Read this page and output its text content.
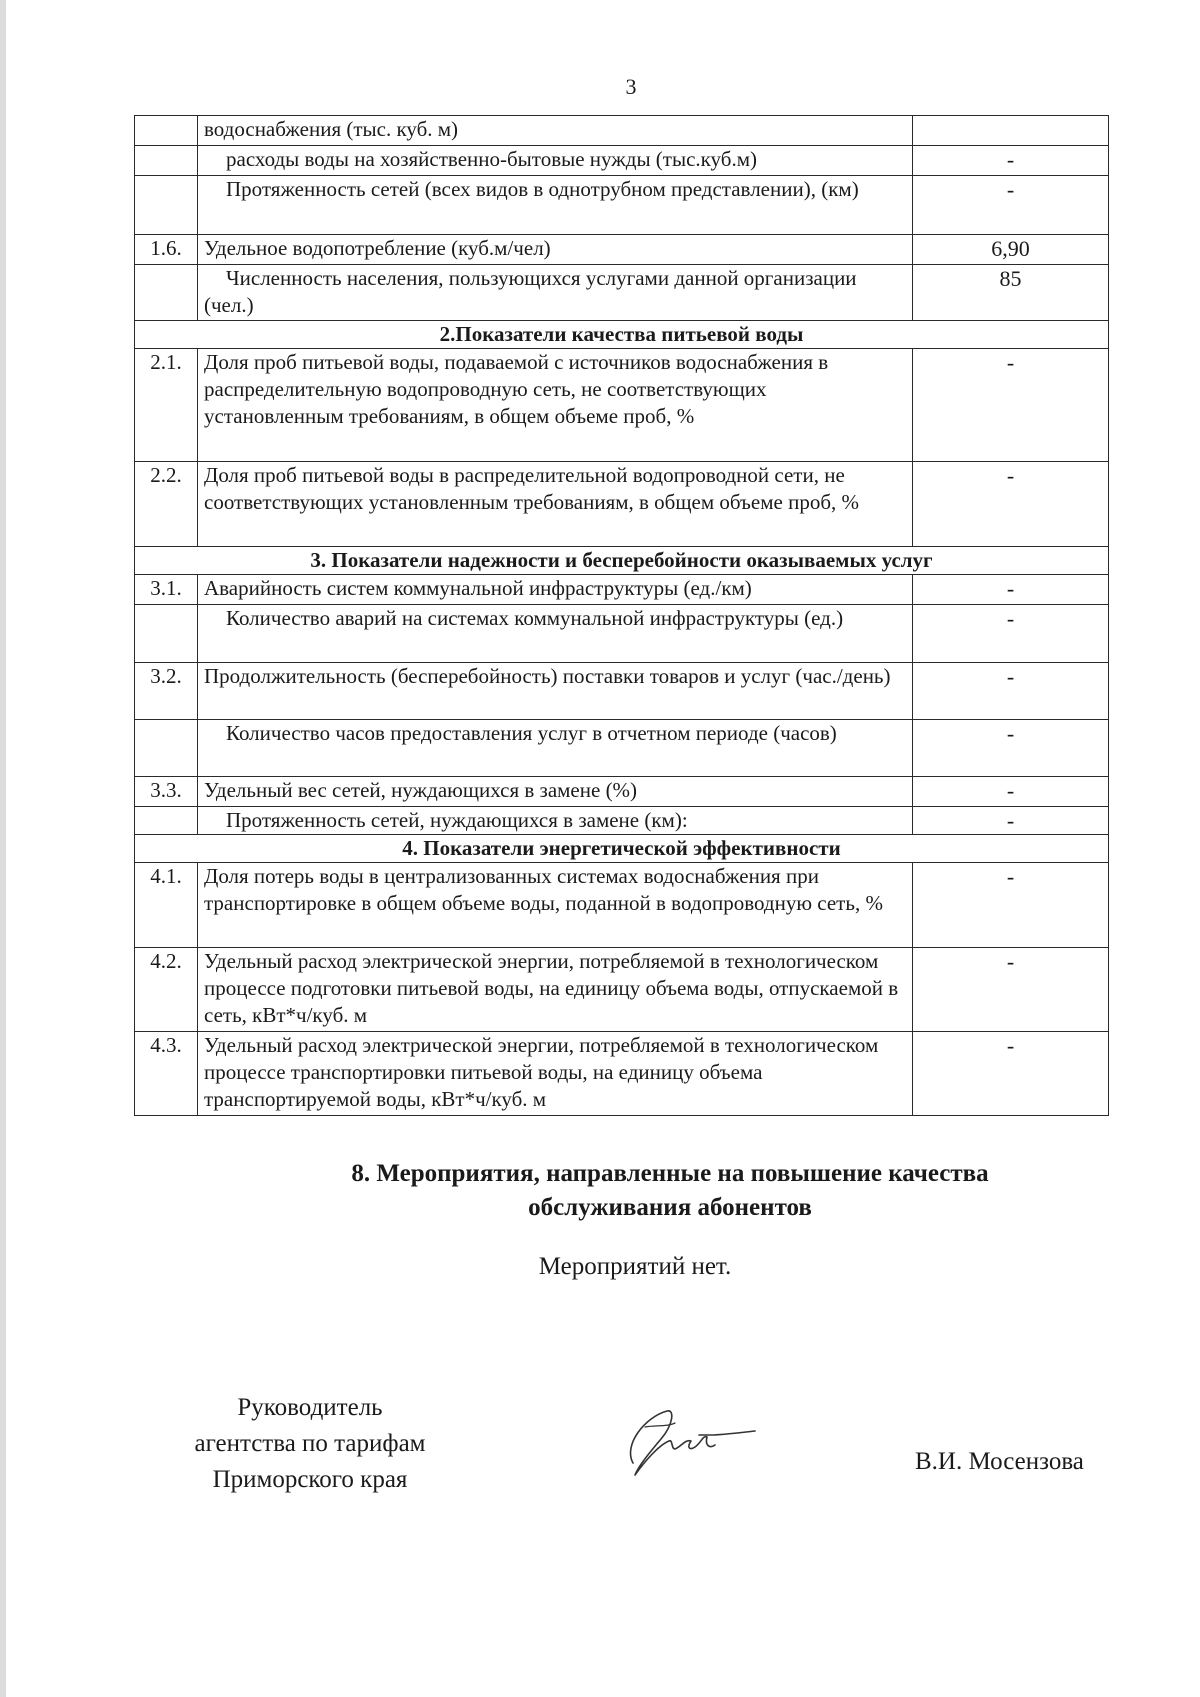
3
	водоснабжения (тыс. куб. м)	
	расходы воды на хозяйственно-бытовые нужды (тыс.куб.м)	-
	Протяженность сетей (всех видов в однотрубном представлении), (км)	-
1.6.	Удельное водопотребление (куб.м/чел)	6,90
	Численность населения, пользующихся услугами данной организации (чел.)	85
2.Показатели качества питьевой воды		
2.1.	Доля проб питьевой воды, подаваемой с источников водоснабжения в распределительную водопроводную сеть, не соответствующих установленным требованиям, в общем объеме проб, %	-
2.2.	Доля проб питьевой воды в распределительной водопроводной сети, не соответствующих установленным требованиям, в общем объеме проб, %	-
3. Показатели надежности и бесперебойности оказываемых услуг		
3.1.	Аварийность систем коммунальной инфраструктуры (ед./км)	-
	Количество аварий на системах коммунальной инфраструктуры (ед.)	-
3.2.	Продолжительность (бесперебойность) поставки товаров и услуг (час./день)	-
	Количество часов предоставления услуг в отчетном периоде (часов)	-
3.3.	Удельный вес сетей, нуждающихся в замене (%)	-
	Протяженность сетей, нуждающихся в замене (км):	-
4. Показатели энергетической эффективности		
4.1.	Доля потерь воды в централизованных системах водоснабжения при транспортировке в общем объеме воды, поданной в водопроводную сеть, %	-
4.2.	Удельный расход электрической энергии, потребляемой в технологическом процессе подготовки питьевой воды, на единицу объема воды, отпускаемой в сеть, кВт*ч/куб. м	-
4.3.	Удельный расход электрической энергии, потребляемой в технологическом процессе транспортировки питьевой воды, на единицу объема транспортируемой воды, кВт*ч/куб. м	-
8. Мероприятия, направленные на повышение качества
обслуживания абонентов
Мероприятий нет.
Руководитель
агентства по тарифам
Приморского края
В.И. Мосензова
